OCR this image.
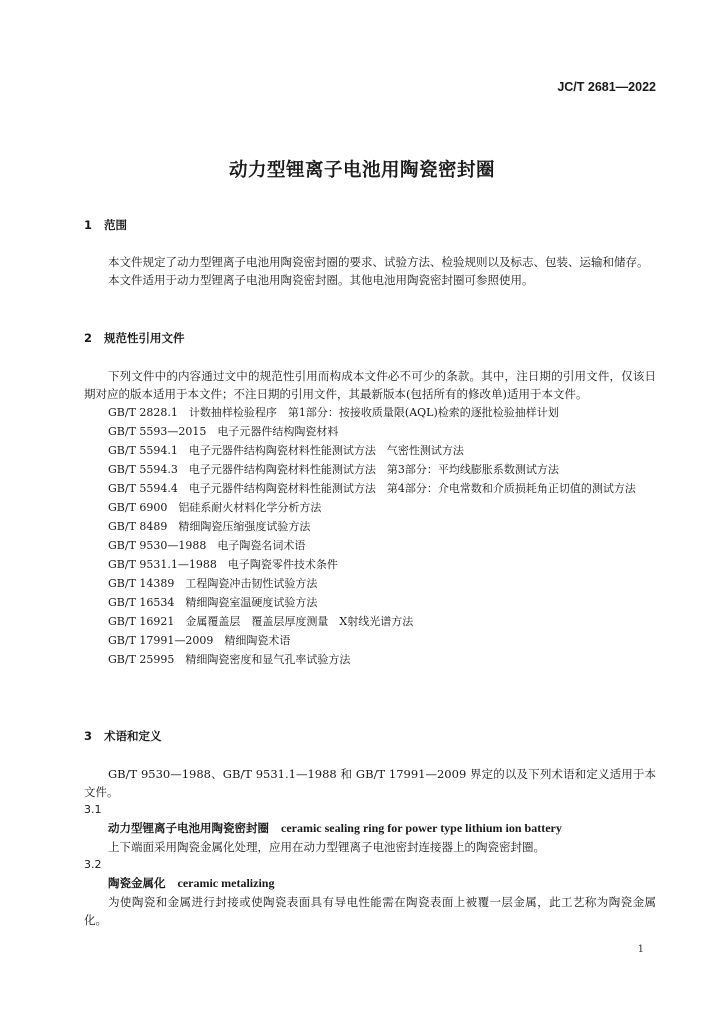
JC/T 2681—2022
动力型锂离子电池用陶瓷密封圈
1 范围

本文件规定了动力型锂离子电池用陶瓷密封圈的要求、试验方法、检验规则以及标志、包装、运输和储存。

本文件适用于动力型锂离子电池用陶瓷密封圈。其他电池用陶瓷密封圈可参照使用。

2 规范性引用文件

下列文件中的内容通过文中的规范性引用而构成本文件必不可少的条款。其中，注日期的引用文件，仅该日期对应的版本适用于本文件；不注日期的引用文件，其最新版本(包括所有的修改单)适用于本文件。

GB/T 2828.1　计数抽样检验程序　第1部分：按接收质量限(AQL)检索的逐批检验抽样计划

GB/T 5593—2015　电子元器件结构陶瓷材料

GB/T 5594.1　电子元器件结构陶瓷材料性能测试方法　气密性测试方法

GB/T 5594.3　电子元器件结构陶瓷材料性能测试方法　第3部分：平均线膨胀系数测试方法

GB/T 5594.4　电子元器件结构陶瓷材料性能测试方法　第4部分：介电常数和介质损耗角正切值的测试方法

GB/T 6900　铝硅系耐火材料化学分析方法

GB/T 8489　精细陶瓷压缩强度试验方法

GB/T 9530—1988　电子陶瓷名词术语

GB/T 9531.1—1988　电子陶瓷零件技术条件

GB/T 14389　工程陶瓷冲击韧性试验方法

GB/T 16534　精细陶瓷室温硬度试验方法

GB/T 16921　金属覆盖层　覆盖层厚度测量　X射线光谱方法

GB/T 17991—2009　精细陶瓷术语

GB/T 25995　精细陶瓷密度和显气孔率试验方法

3 术语和定义

GB/T 9530—1988、GB/T 9531.1—1988 和 GB/T 17991—2009 界定的以及下列术语和定义适用于本文件。

3.1

动力型锂离子电池用陶瓷密封圈 ceramic sealing ring for power type lithium ion battery

上下端面采用陶瓷金属化处理，应用在动力型锂离子电池密封连接器上的陶瓷密封圈。

3.2

陶瓷金属化 ceramic metalizing

为使陶瓷和金属进行封接或使陶瓷表面具有导电性能需在陶瓷表面上被覆一层金属，此工艺称为陶瓷金属化。

1
